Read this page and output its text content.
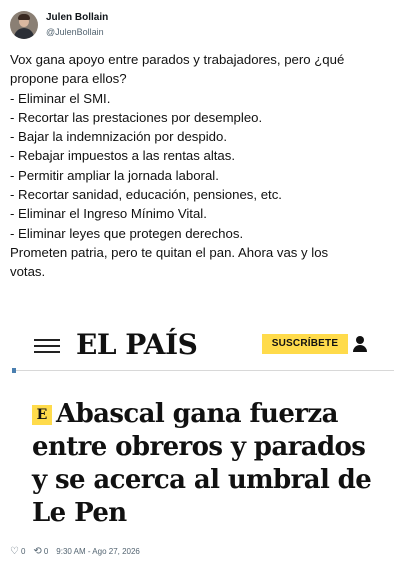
Julen Bollain
@JulenBollain
Vox gana apoyo entre parados y trabajadores, pero ¿qué
propone para ellos?
- Eliminar el SMI.
- Recortar las prestaciones por desempleo.
- Bajar la indemnización por despido.
- Rebajar impuestos a las rentas altas.
- Permitir ampliar la jornada laboral.
- Recortar sanidad, educación, pensiones, etc.
- Eliminar el Ingreso Mínimo Vital.
- Eliminar leyes que protegen derechos.
Prometen patria, pero te quitan el pan. Ahora vas y los
votas.
EL PAÍS	SUSCRÍBETE
E Abascal gana fuerza entre obreros y parados y se acerca al umbral de Le Pen
♡ 0 ⟲ 0 9:30 AM - Ago 27, 2026
